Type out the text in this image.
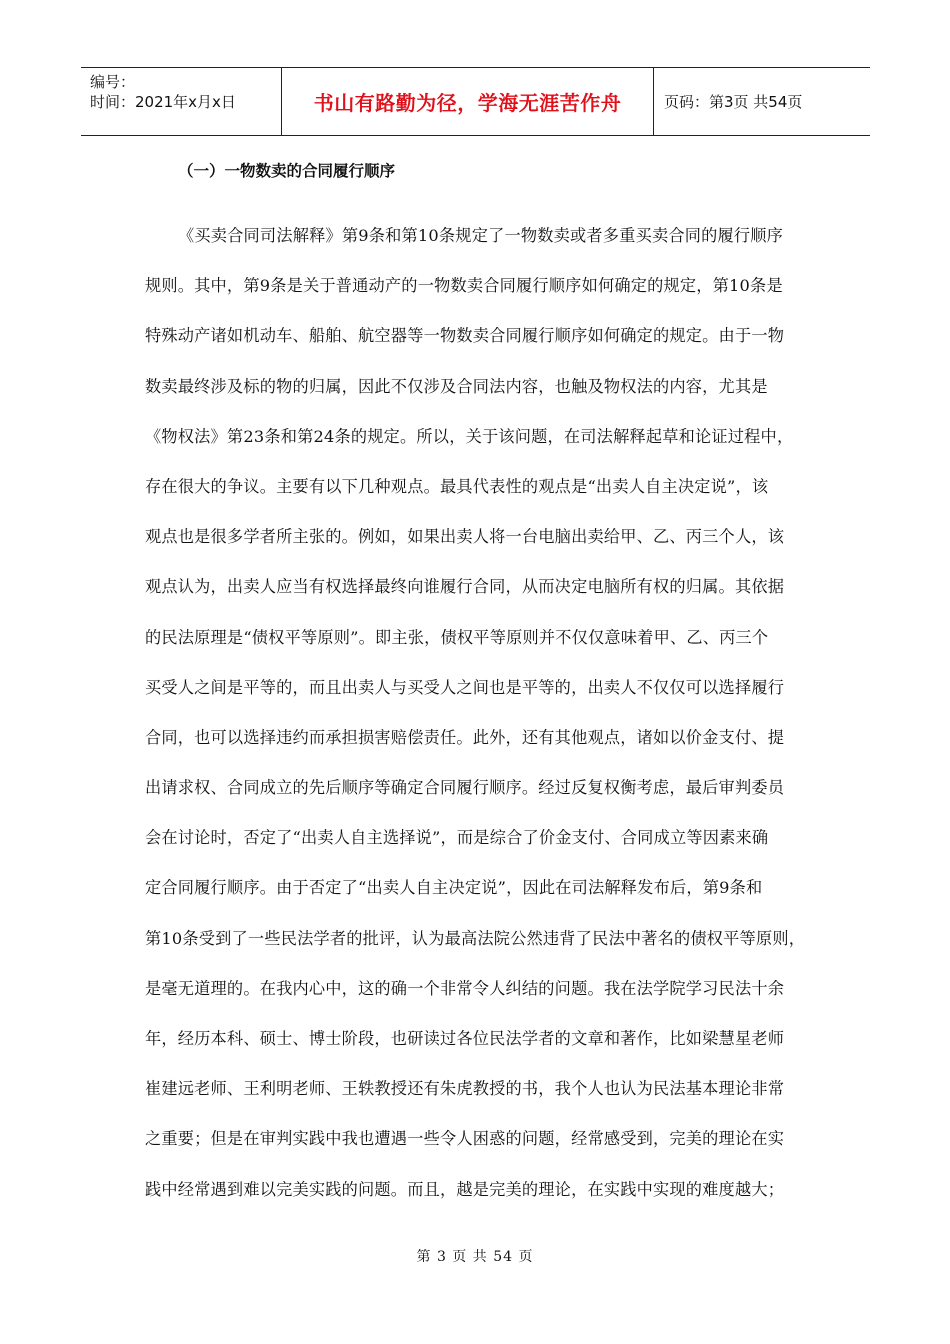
编号：
时间：2021年x月x日	书山有路勤为径，学海无涯苦作舟	页码：第3页 共54页
（一）一物数卖的合同履行顺序
《买卖合同司法解释》第9条和第10条规定了一物数卖或者多重买卖合同的履行顺序
规则。其中，第9条是关于普通动产的一物数卖合同履行顺序如何确定的规定，第10条是
特殊动产诸如机动车、船舶、航空器等一物数卖合同履行顺序如何确定的规定。由于一物
数卖最终涉及标的物的归属，因此不仅涉及合同法内容，也触及物权法的内容，尤其是
《物权法》第23条和第24条的规定。所以，关于该问题，在司法解释起草和论证过程中，
存在很大的争议。主要有以下几种观点。最具代表性的观点是“出卖人自主决定说”，该
观点也是很多学者所主张的。例如，如果出卖人将一台电脑出卖给甲、乙、丙三个人，该
观点认为，出卖人应当有权选择最终向谁履行合同，从而决定电脑所有权的归属。其依据
的民法原理是“债权平等原则”。即主张，债权平等原则并不仅仅意味着甲、乙、丙三个
买受人之间是平等的，而且出卖人与买受人之间也是平等的，出卖人不仅仅可以选择履行
合同，也可以选择违约而承担损害赔偿责任。此外，还有其他观点，诸如以价金支付、提
出请求权、合同成立的先后顺序等确定合同履行顺序。经过反复权衡考虑，最后审判委员
会在讨论时，否定了“出卖人自主选择说”，而是综合了价金支付、合同成立等因素来确
定合同履行顺序。由于否定了“出卖人自主决定说”，因此在司法解释发布后，第9条和
第10条受到了一些民法学者的批评，认为最高法院公然违背了民法中著名的债权平等原则，
是毫无道理的。在我内心中，这的确一个非常令人纠结的问题。我在法学院学习民法十余
年，经历本科、硕士、博士阶段，也研读过各位民法学者的文章和著作，比如梁慧星老师
崔建远老师、王利明老师、王轶教授还有朱虎教授的书，我个人也认为民法基本理论非常
之重要；但是在审判实践中我也遭遇一些令人困惑的问题，经常感受到，完美的理论在实
践中经常遇到难以完美实践的问题。而且，越是完美的理论，在实践中实现的难度越大；
第 3 页 共 54 页
